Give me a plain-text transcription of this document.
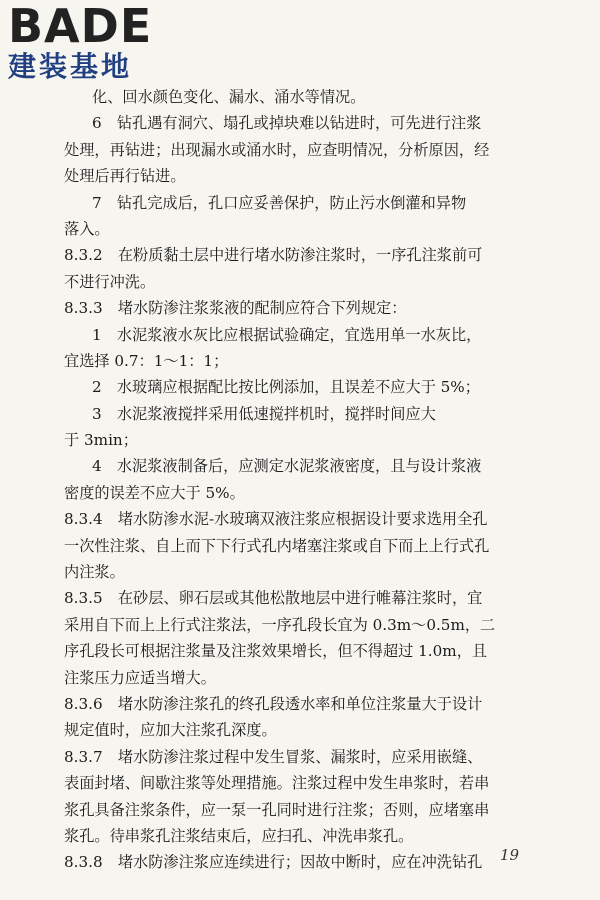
BADE
建装基地
化、回水颜色变化、漏水、涌水等情况。
6　钻孔遇有洞穴、塌孔或掉块难以钻进时，可先进行注浆
处理，再钻进；出现漏水或涌水时，应查明情况，分析原因，经
处理后再行钻进。
7　钻孔完成后，孔口应妥善保护，防止污水倒灌和异物
落入。
8.3.2　在粉质黏土层中进行堵水防渗注浆时，一序孔注浆前可
不进行冲洗。
8.3.3　堵水防渗注浆浆液的配制应符合下列规定：
1　水泥浆液水灰比应根据试验确定，宜选用单一水灰比，
宜选择 0.7：1～1：1；
2　水玻璃应根据配比按比例添加，且误差不应大于 5%；
3　水泥浆液搅拌采用低速搅拌机时，搅拌时间应大
于 3min；
4　水泥浆液制备后，应测定水泥浆液密度，且与设计浆液
密度的误差不应大于 5%。
8.3.4　堵水防渗水泥-水玻璃双液注浆应根据设计要求选用全孔
一次性注浆、自上而下下行式孔内堵塞注浆或自下而上上行式孔
内注浆。
8.3.5　在砂层、卵石层或其他松散地层中进行帷幕注浆时，宜
采用自下而上上行式注浆法，一序孔段长宜为 0.3m～0.5m，二
序孔段长可根据注浆量及注浆效果增长，但不得超过 1.0m，且
注浆压力应适当增大。
8.3.6　堵水防渗注浆孔的终孔段透水率和单位注浆量大于设计
规定值时，应加大注浆孔深度。
8.3.7　堵水防渗注浆过程中发生冒浆、漏浆时，应采用嵌缝、
表面封堵、间歇注浆等处理措施。注浆过程中发生串浆时，若串
浆孔具备注浆条件，应一泵一孔同时进行注浆；否则，应堵塞串
浆孔。待串浆孔注浆结束后，应扫孔、冲洗串浆孔。
8.3.8　堵水防渗注浆应连续进行；因故中断时，应在冲洗钻孔	19
